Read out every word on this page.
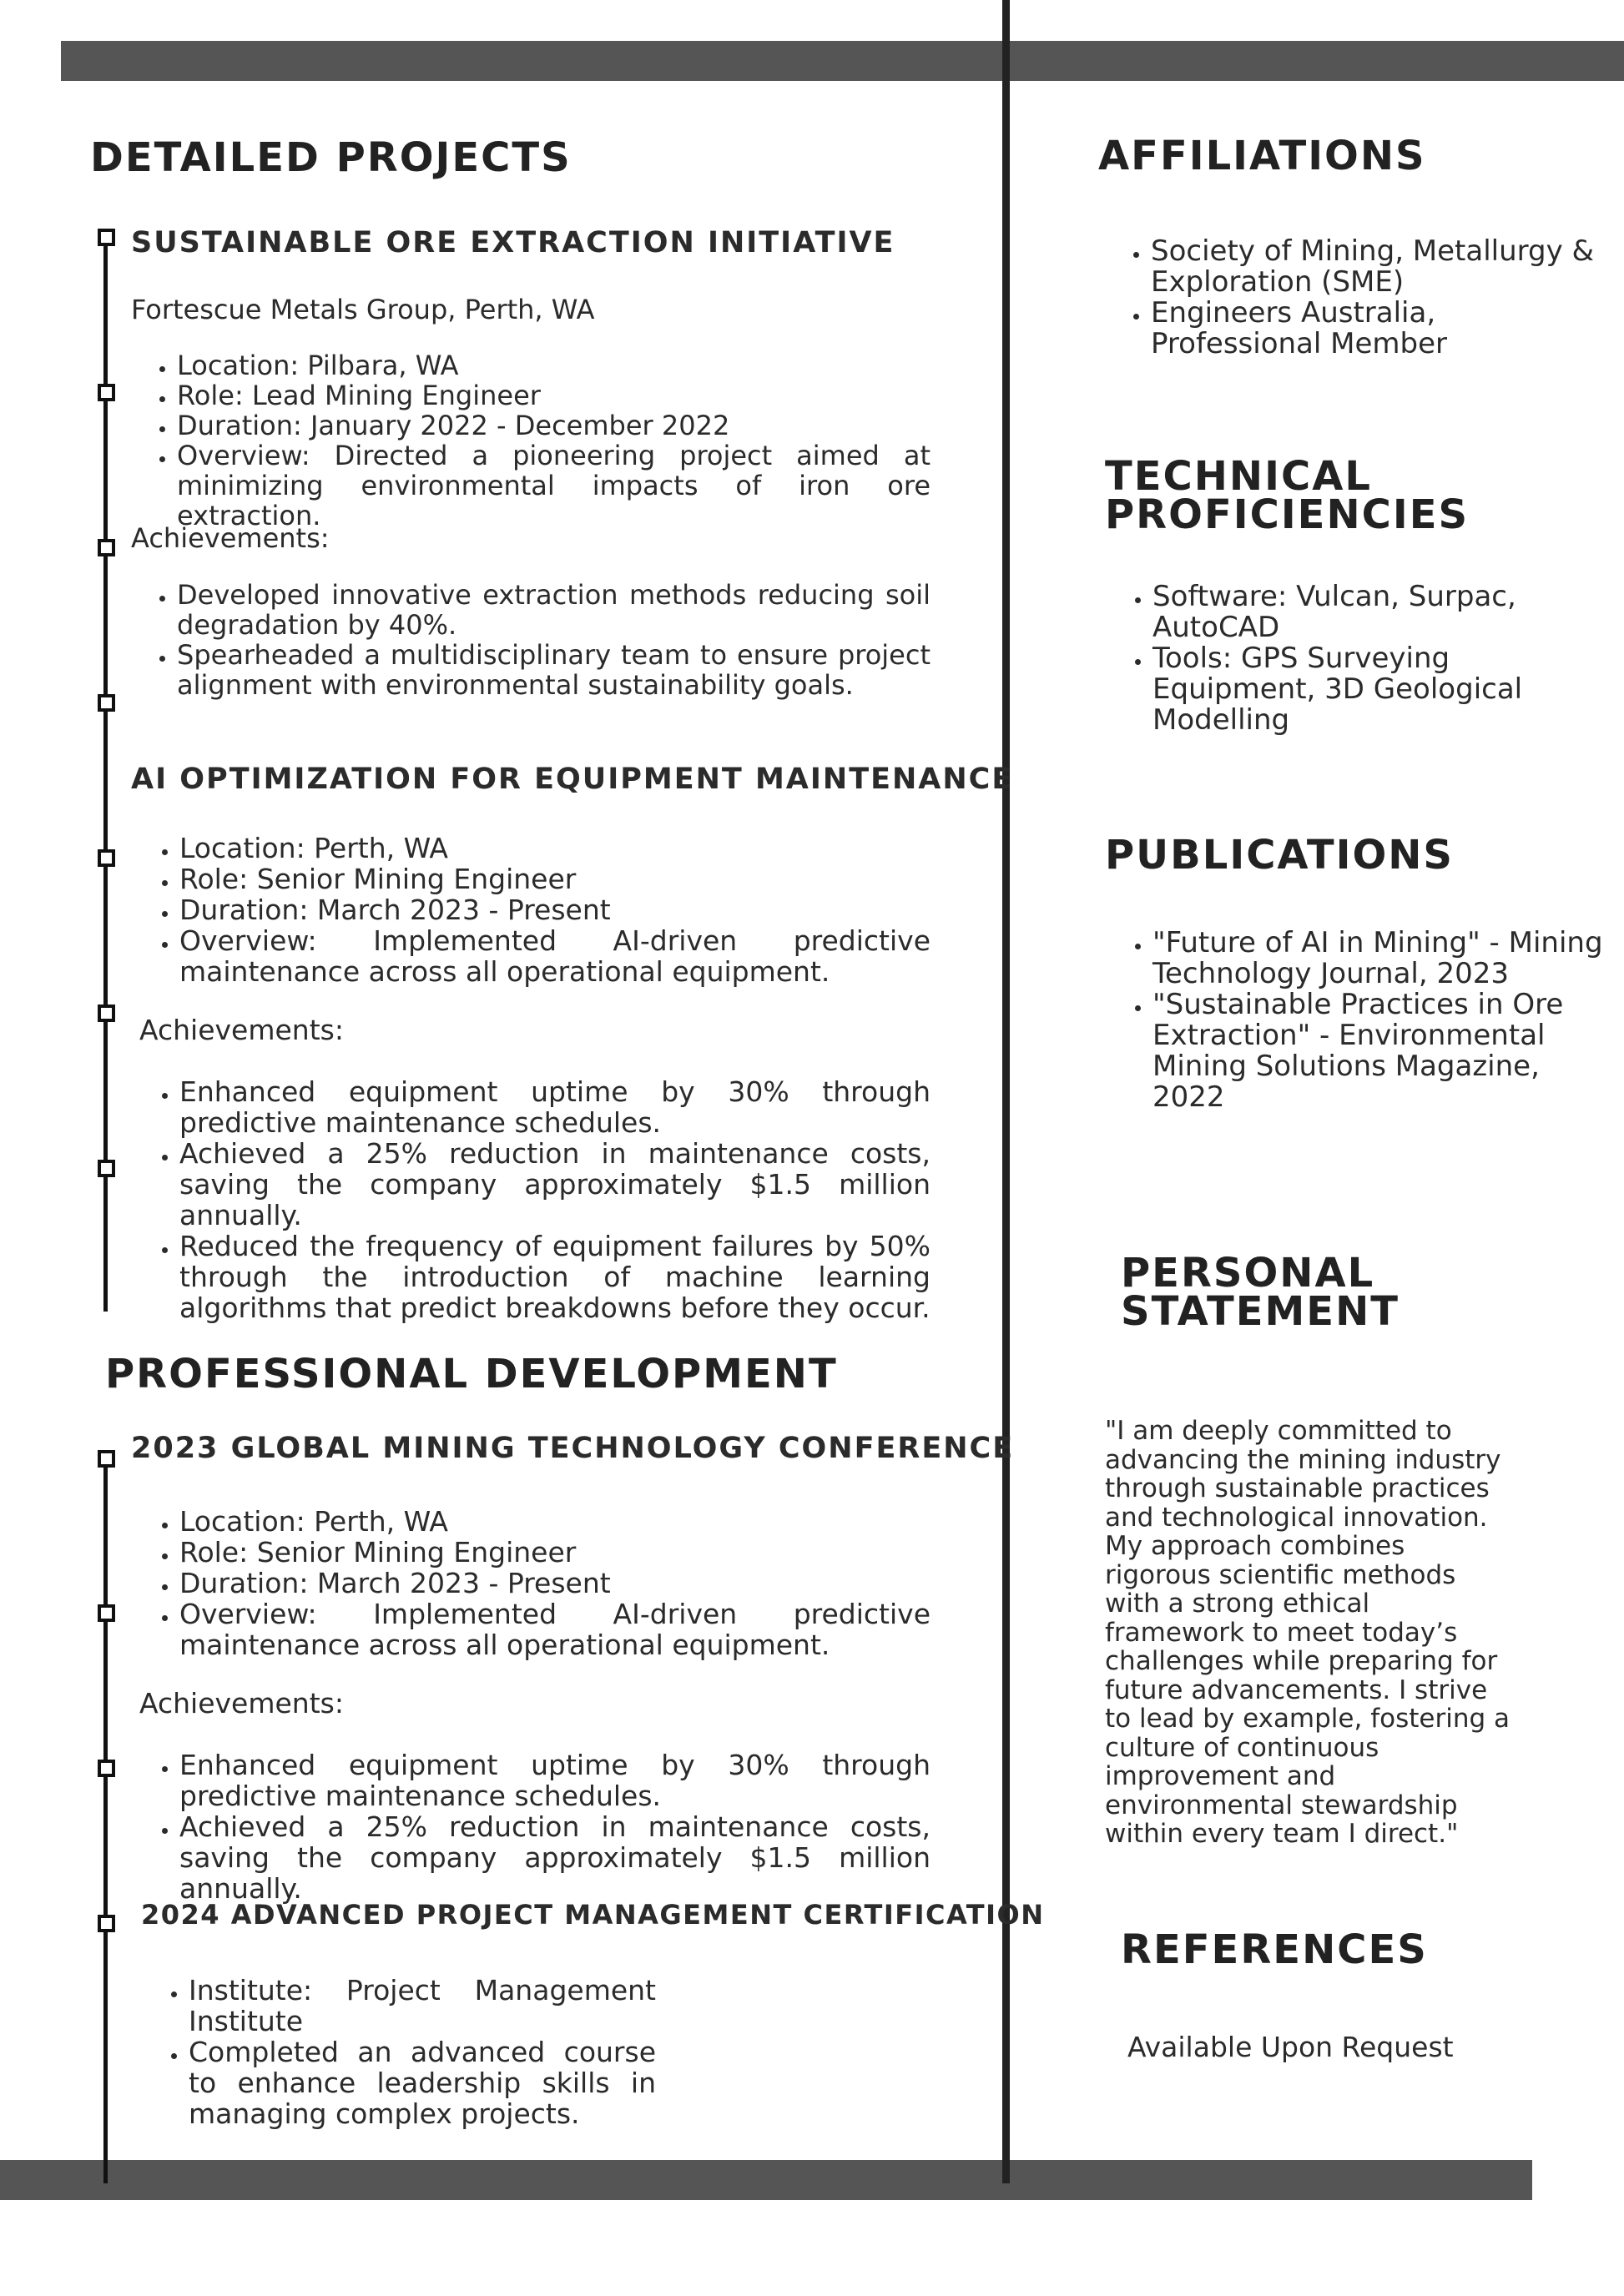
DETAILED PROJECTS
SUSTAINABLE ORE EXTRACTION INITIATIVE

Fortescue Metals Group, Perth, WA

• Location: Pilbara, WA
• Role: Lead Mining Engineer
• Duration: January 2022 - December 2022
• Overview: Directed a pioneering project aimed at minimizing environmental impacts of iron ore extraction.

Achievements:

• Developed innovative extraction methods reducing soil degradation by 40%.
• Spearheaded a multidisciplinary team to ensure project alignment with environmental sustainability goals.
AI OPTIMIZATION FOR EQUIPMENT MAINTENANCE
• Location: Perth, WA
• Role: Senior Mining Engineer
• Duration: March 2023 - Present
• Overview: Implemented AI-driven predictive maintenance across all operational equipment.

Achievements:

• Enhanced equipment uptime by 30% through predictive maintenance schedules.
• Achieved a 25% reduction in maintenance costs, saving the company approximately $1.5 million annually.
• Reduced the frequency of equipment failures by 50% through the introduction of machine learning algorithms that predict breakdowns before they occur.
PROFESSIONAL DEVELOPMENT
2023 GLOBAL MINING TECHNOLOGY CONFERENCE
• Location: Perth, WA
• Role: Senior Mining Engineer
• Duration: March 2023 - Present
• Overview: Implemented AI-driven predictive maintenance across all operational equipment.

Achievements:

• Enhanced equipment uptime by 30% through predictive maintenance schedules.
• Achieved a 25% reduction in maintenance costs, saving the company approximately $1.5 million annually.
2024 ADVANCED PROJECT MANAGEMENT CERTIFICATION
• Institute: Project Management Institute
• Completed an advanced course to enhance leadership skills in managing complex projects.
AFFILIATIONS
• Society of Mining, Metallurgy & Exploration (SME)
• Engineers Australia, Professional Member
TECHNICAL
PROFICIENCIES
• Software: Vulcan, Surpac, AutoCAD
• Tools: GPS Surveying Equipment, 3D Geological Modelling
PUBLICATIONS
• "Future of AI in Mining" - Mining Technology Journal, 2023
• "Sustainable Practices in Ore Extraction" - Environmental Mining Solutions Magazine, 2022
PERSONAL
STATEMENT

"I am deeply committed to advancing the mining industry through sustainable practices and technological innovation. My approach combines rigorous scientific methods with a strong ethical framework to meet today’s challenges while preparing for future advancements. I strive to lead by example, fostering a culture of continuous improvement and environmental stewardship within every team I direct."

REFERENCES

Available Upon Request
